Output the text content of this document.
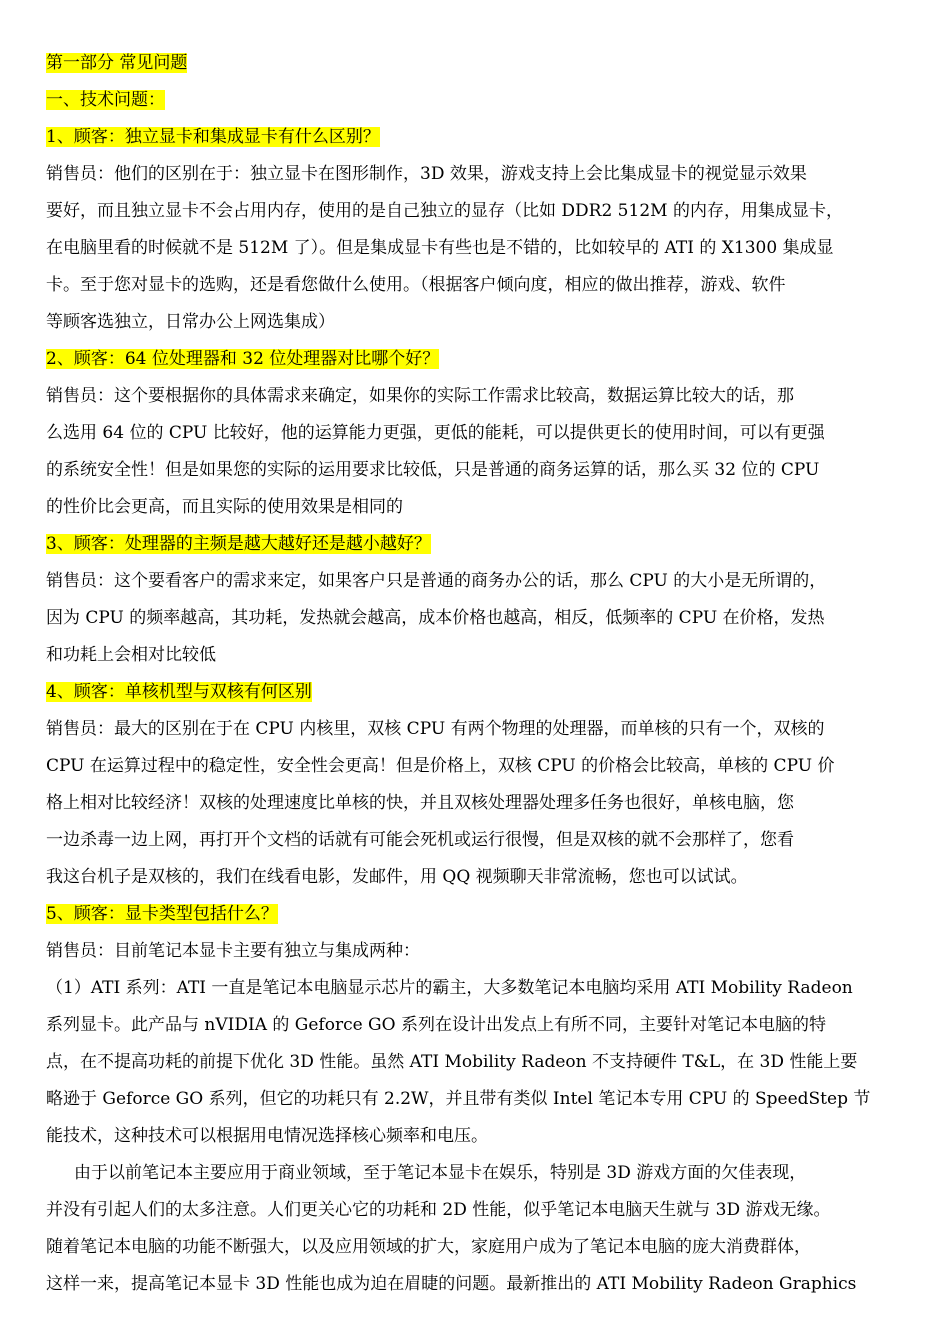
第一部分 常见问题
一、技术问题：
1、顾客：独立显卡和集成显卡有什么区别？
销售员：他们的区别在于：独立显卡在图形制作，3D 效果，游戏支持上会比集成显卡的视觉显示效果
要好，而且独立显卡不会占用内存，使用的是自己独立的显存（比如 DDR2 512M 的内存，用集成显卡，
在电脑里看的时候就不是 512M 了）。但是集成显卡有些也是不错的，比如较早的 ATI 的 X1300 集成显
卡。至于您对显卡的选购，还是看您做什么使用。（根据客户倾向度，相应的做出推荐，游戏、软件
等顾客选独立，日常办公上网选集成）
2、顾客：64 位处理器和 32 位处理器对比哪个好？
销售员：这个要根据你的具体需求来确定，如果你的实际工作需求比较高，数据运算比较大的话，那
么选用 64 位的 CPU 比较好，他的运算能力更强，更低的能耗，可以提供更长的使用时间，可以有更强
的系统安全性！但是如果您的实际的运用要求比较低，只是普通的商务运算的话，那么买 32 位的 CPU
的性价比会更高，而且实际的使用效果是相同的
3、顾客：处理器的主频是越大越好还是越小越好？
销售员：这个要看客户的需求来定，如果客户只是普通的商务办公的话，那么 CPU 的大小是无所谓的，
因为 CPU 的频率越高，其功耗，发热就会越高，成本价格也越高，相反，低频率的 CPU 在价格，发热
和功耗上会相对比较低
4、顾客：单核机型与双核有何区别
销售员：最大的区别在于在 CPU 内核里，双核 CPU 有两个物理的处理器，而单核的只有一个，双核的
CPU 在运算过程中的稳定性，安全性会更高！但是价格上，双核 CPU 的价格会比较高，单核的 CPU 价
格上相对比较经济！双核的处理速度比单核的快，并且双核处理器处理多任务也很好，单核电脑，您
一边杀毒一边上网，再打开个文档的话就有可能会死机或运行很慢，但是双核的就不会那样了，您看
我这台机子是双核的，我们在线看电影，发邮件，用 QQ 视频聊天非常流畅，您也可以试试。
5、顾客：显卡类型包括什么？
销售员：目前笔记本显卡主要有独立与集成两种：
（1）ATI 系列：ATI 一直是笔记本电脑显示芯片的霸主，大多数笔记本电脑均采用 ATI Mobility Radeon
系列显卡。此产品与 nVIDIA 的 Geforce GO 系列在设计出发点上有所不同，主要针对笔记本电脑的特
点，在不提高功耗的前提下优化 3D 性能。虽然 ATI Mobility Radeon 不支持硬件 T&L，在 3D 性能上要
略逊于 Geforce GO 系列，但它的功耗只有 2.2W，并且带有类似 Intel 笔记本专用 CPU 的 SpeedStep 节
能技术，这种技术可以根据用电情况选择核心频率和电压。
由于以前笔记本主要应用于商业领域，至于笔记本显卡在娱乐，特别是 3D 游戏方面的欠佳表现，
并没有引起人们的太多注意。人们更关心它的功耗和 2D 性能，似乎笔记本电脑天生就与 3D 游戏无缘。
随着笔记本电脑的功能不断强大，以及应用领域的扩大，家庭用户成为了笔记本电脑的庞大消费群体，
这样一来，提高笔记本显卡 3D 性能也成为迫在眉睫的问题。最新推出的 ATI Mobility Radeon Graphics
